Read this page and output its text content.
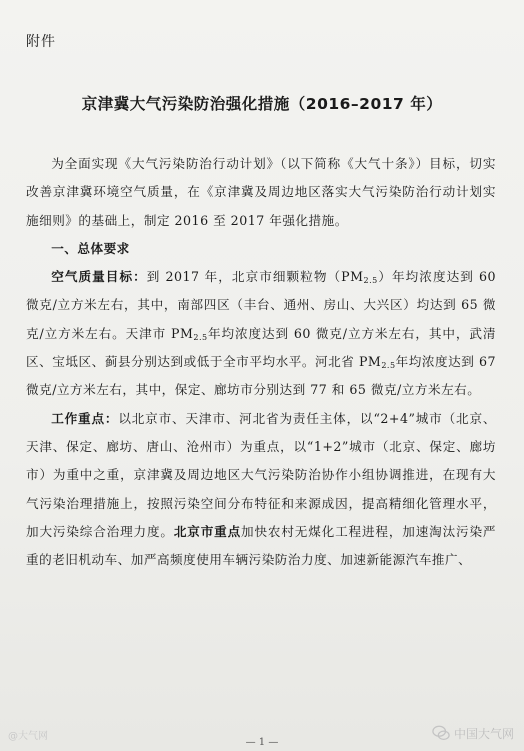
附件
京津冀大气污染防治强化措施（2016–2017 年）

为全面实现《大气污染防治行动计划》（以下简称《大气十条》）目标，切实改善京津冀环境空气质量，在《京津冀及周边地区落实大气污染防治行动计划实施细则》的基础上，制定 2016 至 2017 年强化措施。

一、总体要求

空气质量目标：到 2017 年，北京市细颗粒物$(PM_{2.5})$年均浓度达到 60 微克/立方米左右，其中，南部四区（丰台、通州、房山、大兴区）均达到 65 微克/立方米左右。天津市 $PM_{2.5}$年均浓度达到 60 微克/立方米左右，其中，武清区、宝坻区、蓟县分别达到或低于全市平均水平。河北省 $PM_{2.5}$年均浓度达到 67 微克/立方米左右，其中，保定、廊坊市分别达到 77 和 65 微克/立方米左右。

工作重点：以北京市、天津市、河北省为责任主体，以“2+4”城市（北京、天津、保定、廊坊、唐山、沧州市）为重点，以“1+2”城市（北京、保定、廊坊市）为重中之重，京津冀及周边地区大气污染防治协作小组协调推进，在现有大气污染治理措施上，按照污染空间分布特征和来源成因，提高精细化管理水平，加大污染综合治理力度。北京市重点加快农村无煤化工程进程，加速淘汰污染严重的老旧机动车、加严高频度使用车辆污染防治力度、加速新能源汽车推广、

@大气网	中国大气网
— 1 —
